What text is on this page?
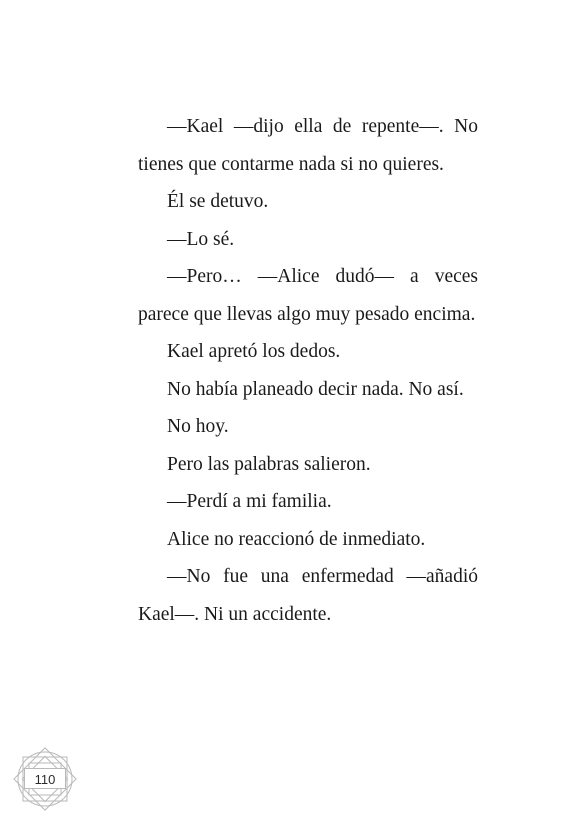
—Kael —dijo ella de repente—. No tienes que contarme nada si no quieres.

Él se detuvo.

—Lo sé.

—Pero… —Alice dudó— a veces parece que llevas algo muy pesado encima.

Kael apretó los dedos.

No había planeado decir nada. No así.

No hoy.

Pero las palabras salieron.

—Perdí a mi familia.

Alice no reaccionó de inmediato.

—No fue una enfermedad —añadió Kael—. Ni un accidente.

110
